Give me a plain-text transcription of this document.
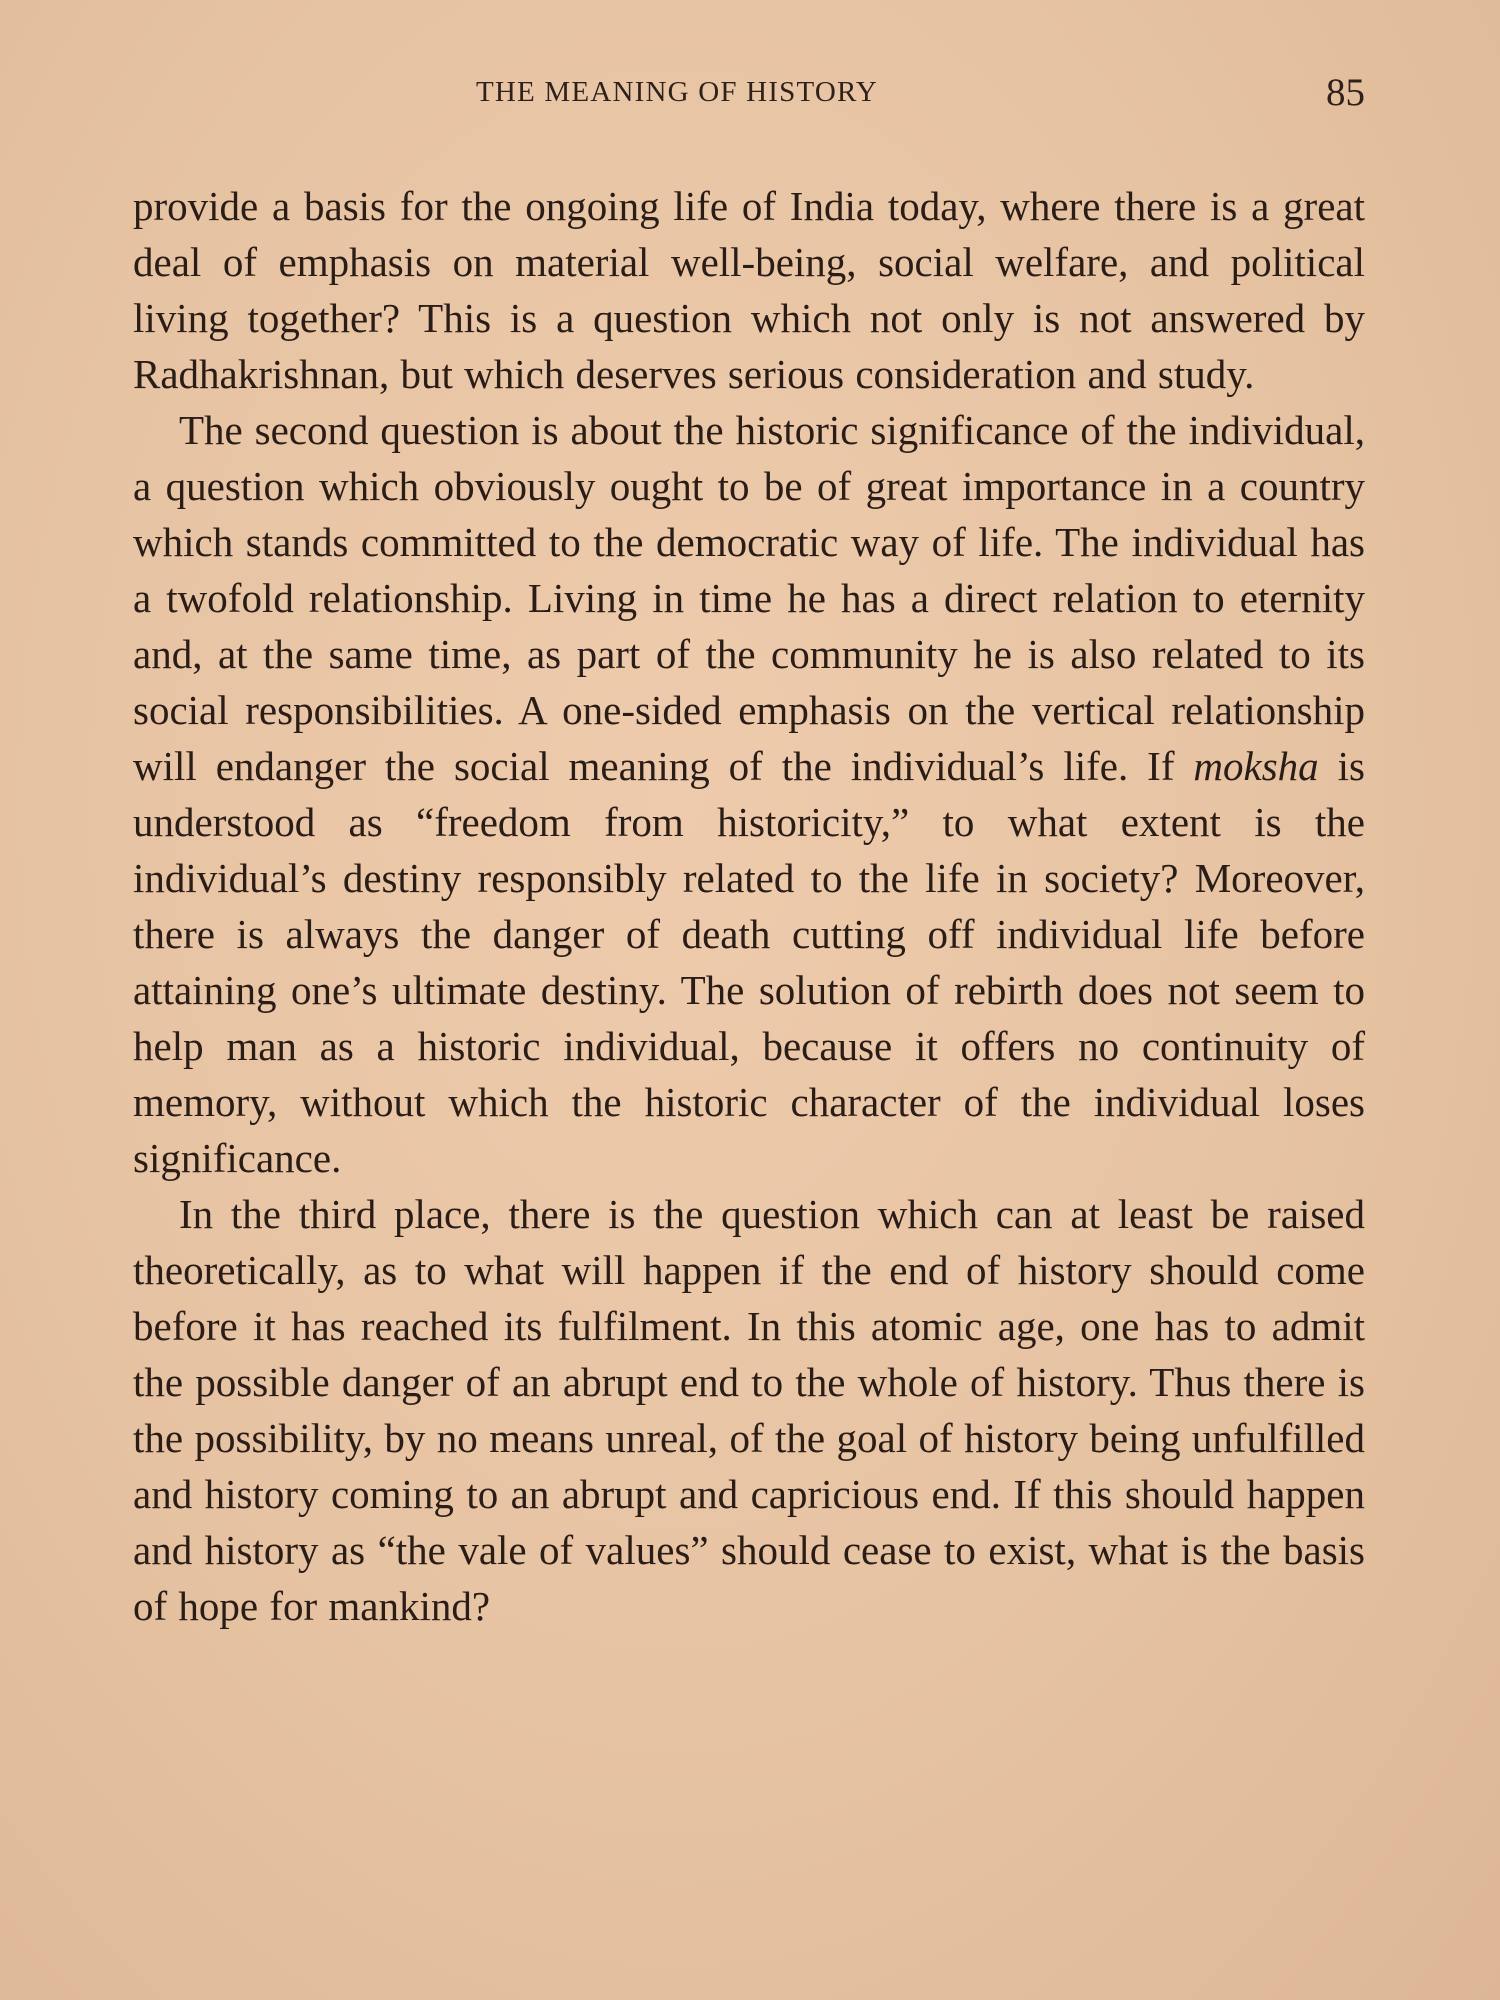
THE MEANING OF HISTORY	85

provide a basis for the ongoing life of India today, where there is a great deal of emphasis on material well-being, social welfare, and political living together? This is a question which not only is not answered by Radhakrishnan, but which deserves serious consideration and study.

The second question is about the historic significance of the individual, a question which obviously ought to be of great importance in a country which stands committed to the democratic way of life. The individual has a twofold relationship. Living in time he has a direct relation to eternity and, at the same time, as part of the community he is also related to its social responsibilities. A one-sided emphasis on the vertical relationship will endanger the social meaning of the individual’s life. If moksha is understood as “freedom from historicity,” to what extent is the individual’s destiny responsibly related to the life in society? Moreover, there is always the danger of death cutting off individual life before attaining one’s ultimate destiny. The solution of rebirth does not seem to help man as a historic individual, because it offers no continuity of memory, without which the historic character of the individual loses significance.

In the third place, there is the question which can at least be raised theoretically, as to what will happen if the end of history should come before it has reached its fulfilment. In this atomic age, one has to admit the possible danger of an abrupt end to the whole of history. Thus there is the possibility, by no means unreal, of the goal of history being unfulfilled and history coming to an abrupt and capricious end. If this should happen and history as “the vale of values” should cease to exist, what is the basis of hope for mankind?
